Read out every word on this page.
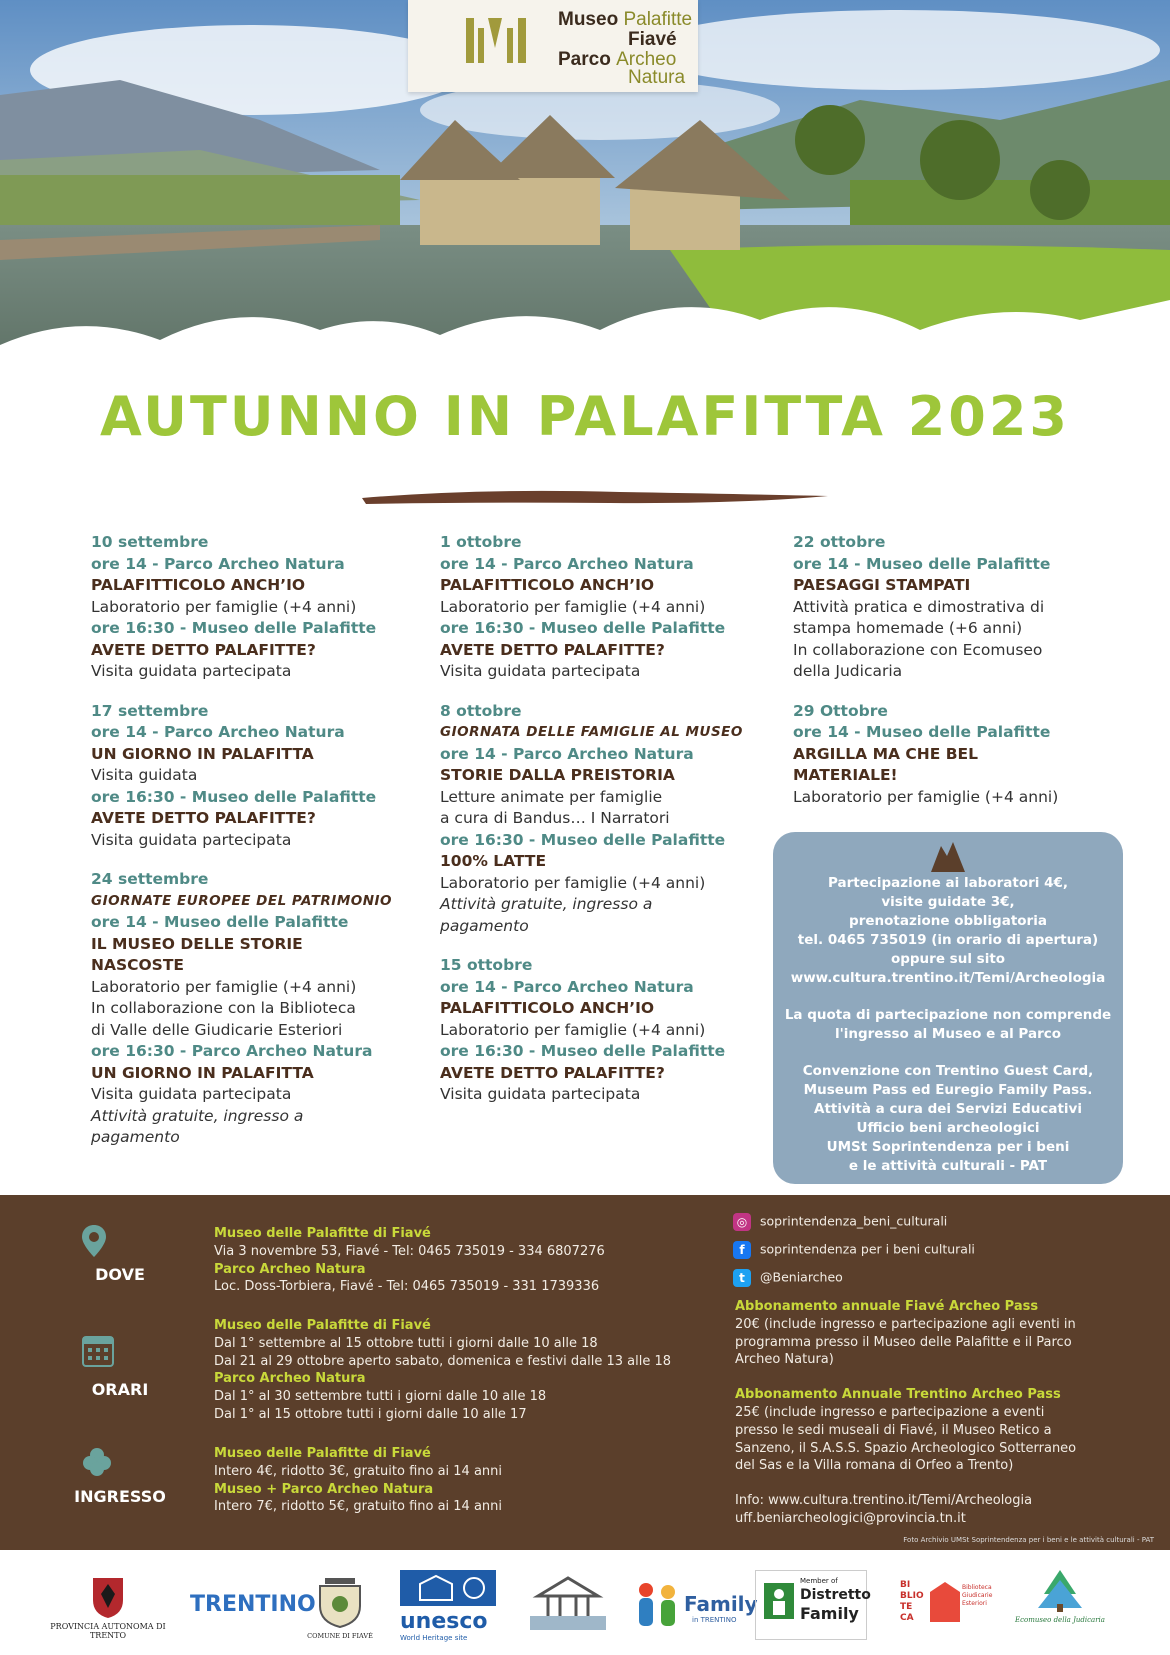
Museo Palafitte
Fiavé
Parco Archeo
Natura
AUTUNNO IN PALAFITTA 2023
10 settembre
ore 14 - Parco Archeo Natura
PALAFITTICOLO ANCH’IO
Laboratorio per famiglie (+4 anni)
ore 16:30 - Museo delle Palafitte
AVETE DETTO PALAFITTE?
Visita guidata partecipata
17 settembre
ore 14 - Parco Archeo Natura
UN GIORNO IN PALAFITTA
Visita guidata
ore 16:30 - Museo delle Palafitte
AVETE DETTO PALAFITTE?
Visita guidata partecipata
24 settembre
GIORNATE EUROPEE DEL PATRIMONIO
ore 14 - Museo delle Palafitte
IL MUSEO DELLE STORIE
NASCOSTE
Laboratorio per famiglie (+4 anni)
In collaborazione con la Biblioteca
di Valle delle Giudicarie Esteriori
ore 16:30 - Parco Archeo Natura
UN GIORNO IN PALAFITTA
Visita guidata partecipata
Attività gratuite, ingresso a
pagamento
1 ottobre
ore 14 - Parco Archeo Natura
PALAFITTICOLO ANCH’IO
Laboratorio per famiglie (+4 anni)
ore 16:30 - Museo delle Palafitte
AVETE DETTO PALAFITTE?
Visita guidata partecipata
8 ottobre
GIORNATA DELLE FAMIGLIE AL MUSEO
ore 14 - Parco Archeo Natura
STORIE DALLA PREISTORIA
Letture animate per famiglie
a cura di Bandus… I Narratori
ore 16:30 - Museo delle Palafitte
100% LATTE
Laboratorio per famiglie (+4 anni)
Attività gratuite, ingresso a
pagamento
15 ottobre
ore 14 - Parco Archeo Natura
PALAFITTICOLO ANCH’IO
Laboratorio per famiglie (+4 anni)
ore 16:30 - Museo delle Palafitte
AVETE DETTO PALAFITTE?
Visita guidata partecipata
22 ottobre
ore 14 - Museo delle Palafitte
PAESAGGI STAMPATI
Attività pratica e dimostrativa di
stampa homemade (+6 anni)
In collaborazione con Ecomuseo
della Judicaria
29 Ottobre
ore 14 - Museo delle Palafitte
ARGILLA MA CHE BEL
MATERIALE!
Laboratorio per famiglie (+4 anni)
Partecipazione ai laboratori 4€,
visite guidate 3€,
prenotazione obbligatoria
tel. 0465 735019 (in orario di apertura)
oppure sul sito
www.cultura.trentino.it/Temi/Archeologia
La quota di partecipazione non comprende
l'ingresso al Museo e al Parco
Convenzione con Trentino Guest Card,
Museum Pass ed Euregio Family Pass.
Attività a cura dei Servizi Educativi
Ufficio beni archeologici
UMSt Soprintendenza per i beni
e le attività culturali - PAT
DOVE
ORARI
INGRESSO
Museo delle Palafitte di Fiavé
Via 3 novembre 53, Fiavé - Tel: 0465 735019 - 334 6807276
Parco Archeo Natura
Loc. Doss-Torbiera, Fiavé - Tel: 0465 735019 - 331 1739336
Museo delle Palafitte di Fiavé
Dal 1° settembre al 15 ottobre tutti i giorni dalle 10 alle 18
Dal 21 al 29 ottobre aperto sabato, domenica e festivi dalle 13 alle 18
Parco Archeo Natura
Dal 1° al 30 settembre tutti i giorni dalle 10 alle 18
Dal 1° al 15 ottobre tutti i giorni dalle 10 alle 17
Museo delle Palafitte di Fiavé
Intero 4€, ridotto 3€, gratuito fino ai 14 anni
Museo + Parco Archeo Natura
Intero 7€, ridotto 5€, gratuito fino ai 14 anni
◎ soprintendenza_beni_culturali
f soprintendenza per i beni culturali
t @Beniarcheo
Abbonamento annuale Fiavé Archeo Pass
20€ (include ingresso e partecipazione agli eventi in
programma presso il Museo delle Palafitte e il Parco
Archeo Natura)
Abbonamento Annuale Trentino Archeo Pass
25€ (include ingresso e partecipazione a eventi
presso le sedi museali di Fiavé, il Museo Retico a
Sanzeno, il S.A.S.S. Spazio Archeologico Sotterraneo
del Sas e la Villa romana di Orfeo a Trento)
Info: www.cultura.trentino.it/Temi/Archeologia
uff.beniarcheologici@provincia.tn.it
Foto Archivio UMSt Soprintendenza per i beni e le attività culturali - PAT
PROVINCIA AUTONOMA DI TRENTO
TRENTINO
COMUNE DI FIAVÉ
unesco
World Heritage site
Family
in TRENTINO
Member of
Distretto
Family
BI BLIO TE CA
Biblioteca Giudicarie Esteriori
Ecomuseo della Judicaria
